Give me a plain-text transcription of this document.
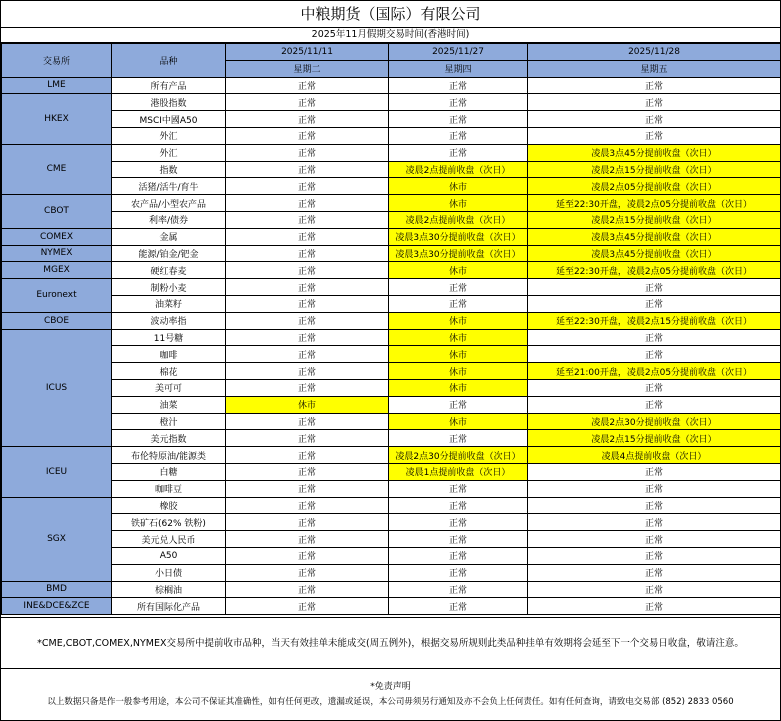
中粮期货（国际）有限公司
2025年11月假期交易时间(香港时间)
交易所	品种	2025/11/11	2025/11/27	2025/11/28
		星期二	星期四	星期五
LME	所有产品	正常	正常	正常
HKEX	港股指数	正常	正常	正常
	MSCI中國A50	正常	正常	正常
	外汇	正常	正常	正常
CME	外汇	正常	正常	凌晨3点45分提前收盘（次日）
	指数	正常	凌晨2点提前收盘（次日）	凌晨2点15分提前收盘（次日）
	活猪/活牛/育牛	正常	休市	凌晨2点05分提前收盘（次日）
CBOT	农产品/小型农产品	正常	休市	延至22:30开盘，凌晨2点05分提前收盘（次日）
	利率/债券	正常	凌晨2点提前收盘（次日）	凌晨2点15分提前收盘（次日）
COMEX	金属	正常	凌晨3点30分提前收盘（次日）	凌晨3点45分提前收盘（次日）
NYMEX	能源/铂金/钯金	正常	凌晨3点30分提前收盘（次日）	凌晨3点45分提前收盘（次日）
MGEX	硬红春麦	正常	休市	延至22:30开盘，凌晨2点05分提前收盘（次日）
Euronext	制粉小麦	正常	正常	正常
	油菜籽	正常	正常	正常
CBOE	波动率指	正常	休市	延至22:30开盘，凌晨2点15分提前收盘（次日）
ICUS	11号糖	正常	休市	正常
	咖啡	正常	休市	正常
	棉花	正常	休市	延至21:00开盘，凌晨2点05分提前收盘（次日）
	美可可	正常	休市	正常
	油菜	休市	正常	正常
	橙汁	正常	休市	凌晨2点30分提前收盘（次日）
	美元指数	正常	正常	凌晨2点15分提前收盘（次日）
ICEU	布伦特原油/能源类	正常	凌晨2点30分提前收盘（次日）	凌晨4点提前收盘（次日）
	白糖	正常	凌晨1点提前收盘（次日）	正常
	咖啡豆	正常	正常	正常
SGX	橡胶	正常	正常	正常
	铁矿石(62% 铁粉)	正常	正常	正常
	美元兑人民币	正常	正常	正常
	A50	正常	正常	正常
	小日债	正常	正常	正常
BMD	棕榈油	正常	正常	正常
INE&DCE&ZCE	所有国际化产品	正常	正常	正常
*CME,CBOT,COMEX,NYMEX交易所中提前收市品种，当天有效挂单未能成交(周五例外)，根据交易所规则此类品种挂单有效期将会延至下一个交易日收盘，敬请注意。
*免责声明
以上数据只备是作一般参考用途，本公司不保证其准确性，如有任何更改，遗漏或延误，本公司毋须另行通知及亦不会负上任何责任。如有任何查询，请致电交易部 (852) 2833 0560
